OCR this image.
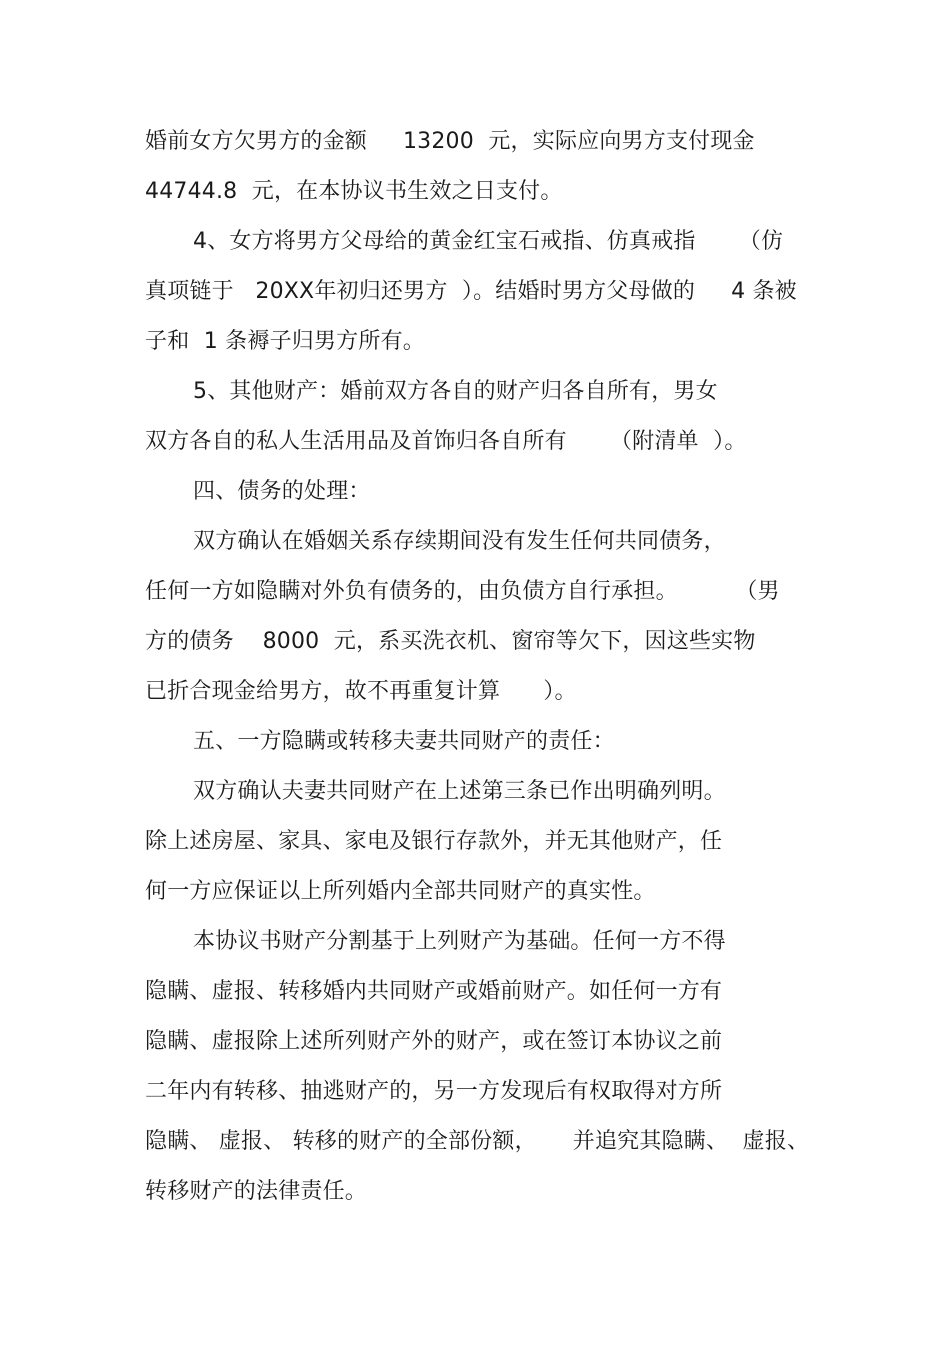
婚前女方欠男方的金额     13200  元，实际应向男方支付现金
44744.8  元，在本协议书生效之日支付。
4、女方将男方父母给的黄金红宝石戒指、仿真戒指      （仿
真项链于   20XX年初归还男方  ）。结婚时男方父母做的     4 条被
子和  1 条褥子归男方所有。
5、其他财产：婚前双方各自的财产归各自所有，男女
双方各自的私人生活用品及首饰归各自所有      （附清单  ）。
四、债务的处理：
双方确认在婚姻关系存续期间没有发生任何共同债务，
任何一方如隐瞒对外负有债务的，由负债方自行承担。        （男
方的债务    8000  元，系买洗衣机、窗帘等欠下，因这些实物
已折合现金给男方，故不再重复计算      ）。
五、一方隐瞒或转移夫妻共同财产的责任：
双方确认夫妻共同财产在上述第三条已作出明确列明。
除上述房屋、家具、家电及银行存款外，并无其他财产，任
何一方应保证以上所列婚内全部共同财产的真实性。
本协议书财产分割基于上列财产为基础。任何一方不得
隐瞒、虚报、转移婚内共同财产或婚前财产。如任何一方有
隐瞒、虚报除上述所列财产外的财产，或在签订本协议之前
二年内有转移、抽逃财产的，另一方发现后有权取得对方所
隐瞒、 虚报、 转移的财产的全部份额，     并追究其隐瞒、  虚报、
转移财产的法律责任。
